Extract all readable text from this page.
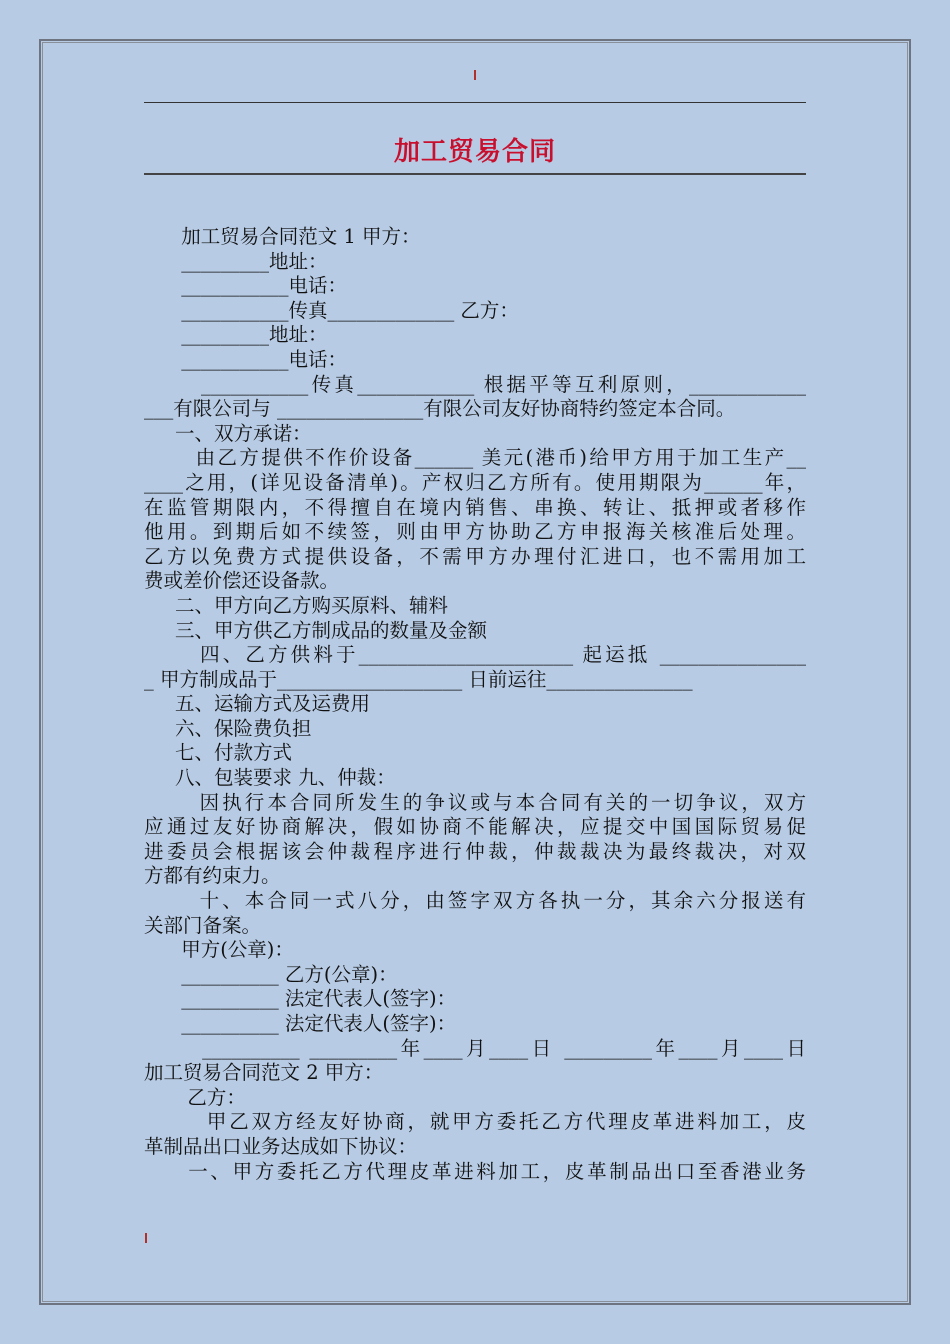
加工贸易合同
加工贸易合同范文 1 甲方：
_________地址：
___________电话：
___________传真_____________ 乙方：
_________地址：
___________电话：
___________传真____________ 根据平等互利原则，____________
___有限公司与 _______________有限公司友好协商特约签定本合同。
一、双方承诺：
由乙方提供不作价设备______ 美元(港币)给甲方用于加工生产__
____之用，(详见设备清单)。产权归乙方所有。使用期限为______年，
在监管期限内，不得擅自在境内销售、串换、转让、抵押或者移作
他用。到期后如不续签，则由甲方协助乙方申报海关核准后处理。
乙方以免费方式提供设备，不需甲方办理付汇进口，也不需用加工
费或差价偿还设备款。
二、甲方向乙方购买原料、辅料
三、甲方供乙方制成品的数量及金额
四、乙方供料于______________________ 起运抵 _______________
_ 甲方制成品于___________________ 日前运往_______________
五、运输方式及运费用
六、保险费负担
七、付款方式
八、包装要求 九、仲裁：
因执行本合同所发生的争议或与本合同有关的一切争议，双方
应通过友好协商解决，假如协商不能解决，应提交中国国际贸易促
进委员会根据该会仲裁程序进行仲裁，仲裁裁决为最终裁决，对双
方都有约束力。
十、本合同一式八分，由签字双方各执一分，其余六分报送有
关部门备案。
甲方(公章)：
__________ 乙方(公章)：
__________ 法定代表人(签字)：
__________ 法定代表人(签字)：
__________ _________年____月____日 _________年____月____日
加工贸易合同范文 2 甲方：
乙方：
甲乙双方经友好协商，就甲方委托乙方代理皮革进料加工，皮
革制品出口业务达成如下协议：
一、甲方委托乙方代理皮革进料加工，皮革制品出口至香港业务
